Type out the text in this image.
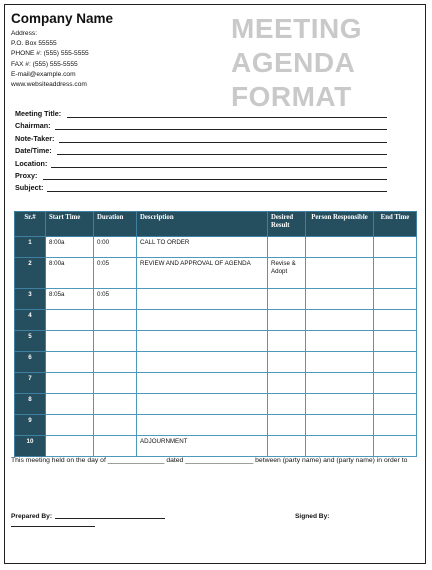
Company Name
Address:
P.O. Box 55555
PHONE #: (555) 555-5555
FAX #: (555) 555-5555
E-mail@example.com
www.websiteaddress.com
MEETING
AGENDA
FORMAT
Meeting Title:
Chairman:
Note-Taker:
Date/Time:
Location:
Proxy:
Subject:
Sr.#	Start Time	Duration	Description	Desired Result	Person Responsible	End Time
1	8:00a	0:00	CALL TO ORDER			
2	8:00a	0:05	REVIEW AND APPROVAL OF AGENDA	Revise & Adopt		
3	8:05a	0:05				
4						
5						
6						
7						
8						
9						
10			ADJOURNMENT			
This meeting held on the day of _______________ dated __________________ between (party name) and (party name) in order to
Prepared By:	Signed By:
